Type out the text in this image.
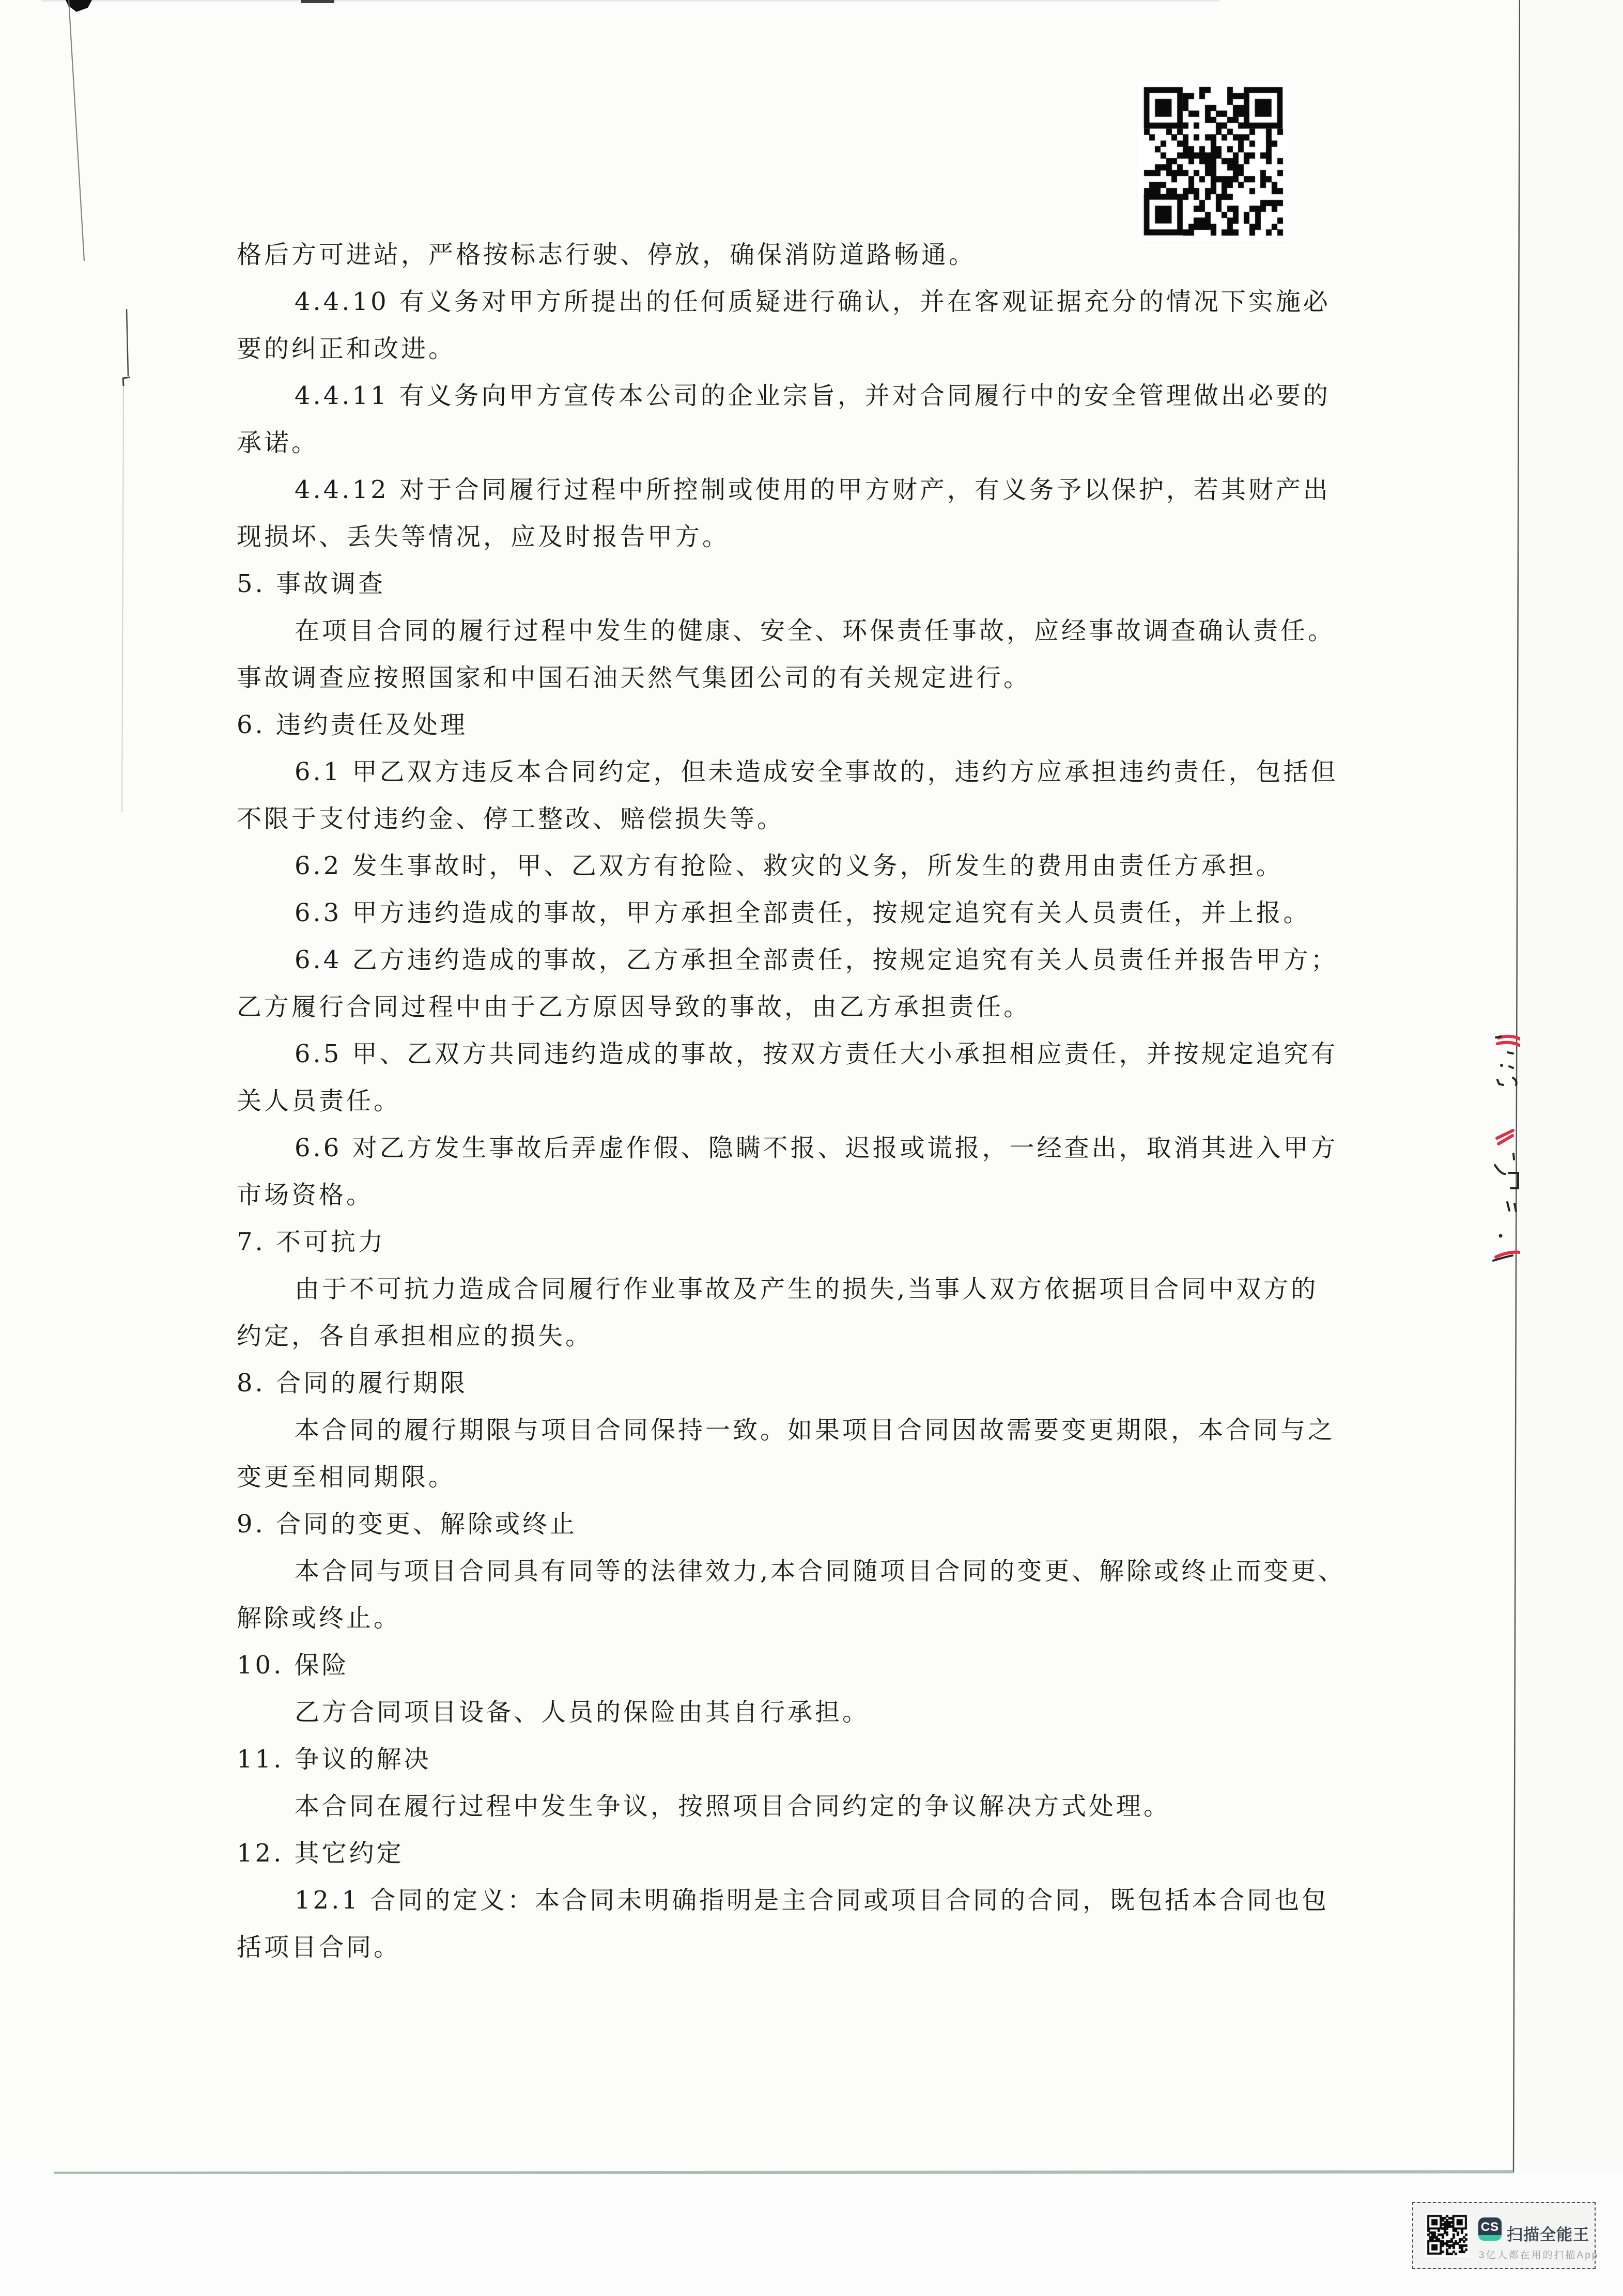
格后方可进站，严格按标志行驶、停放，确保消防道路畅通。
4.4.10 有义务对甲方所提出的任何质疑进行确认，并在客观证据充分的情况下实施必
要的纠正和改进。
4.4.11 有义务向甲方宣传本公司的企业宗旨，并对合同履行中的安全管理做出必要的
承诺。
4.4.12 对于合同履行过程中所控制或使用的甲方财产，有义务予以保护，若其财产出
现损坏、丢失等情况，应及时报告甲方。
5. 事故调查
在项目合同的履行过程中发生的健康、安全、环保责任事故，应经事故调查确认责任。
事故调查应按照国家和中国石油天然气集团公司的有关规定进行。
6. 违约责任及处理
6.1 甲乙双方违反本合同约定，但未造成安全事故的，违约方应承担违约责任，包括但
不限于支付违约金、停工整改、赔偿损失等。
6.2 发生事故时，甲、乙双方有抢险、救灾的义务，所发生的费用由责任方承担。
6.3 甲方违约造成的事故，甲方承担全部责任，按规定追究有关人员责任，并上报。
6.4 乙方违约造成的事故，乙方承担全部责任，按规定追究有关人员责任并报告甲方；
乙方履行合同过程中由于乙方原因导致的事故，由乙方承担责任。
6.5 甲、乙双方共同违约造成的事故，按双方责任大小承担相应责任，并按规定追究有
关人员责任。
6.6 对乙方发生事故后弄虚作假、隐瞒不报、迟报或谎报，一经查出，取消其进入甲方
市场资格。
7. 不可抗力
由于不可抗力造成合同履行作业事故及产生的损失,当事人双方依据项目合同中双方的
约定，各自承担相应的损失。
8. 合同的履行期限
本合同的履行期限与项目合同保持一致。如果项目合同因故需要变更期限，本合同与之
变更至相同期限。
9. 合同的变更、解除或终止
本合同与项目合同具有同等的法律效力,本合同随项目合同的变更、解除或终止而变更、
解除或终止。
10. 保险
乙方合同项目设备、人员的保险由其自行承担。
11. 争议的解决
本合同在履行过程中发生争议，按照项目合同约定的争议解决方式处理。
12. 其它约定
12.1 合同的定义：本合同未明确指明是主合同或项目合同的合同，既包括本合同也包
括项目合同。
CS 扫描全能王
3亿人都在用的扫描App
